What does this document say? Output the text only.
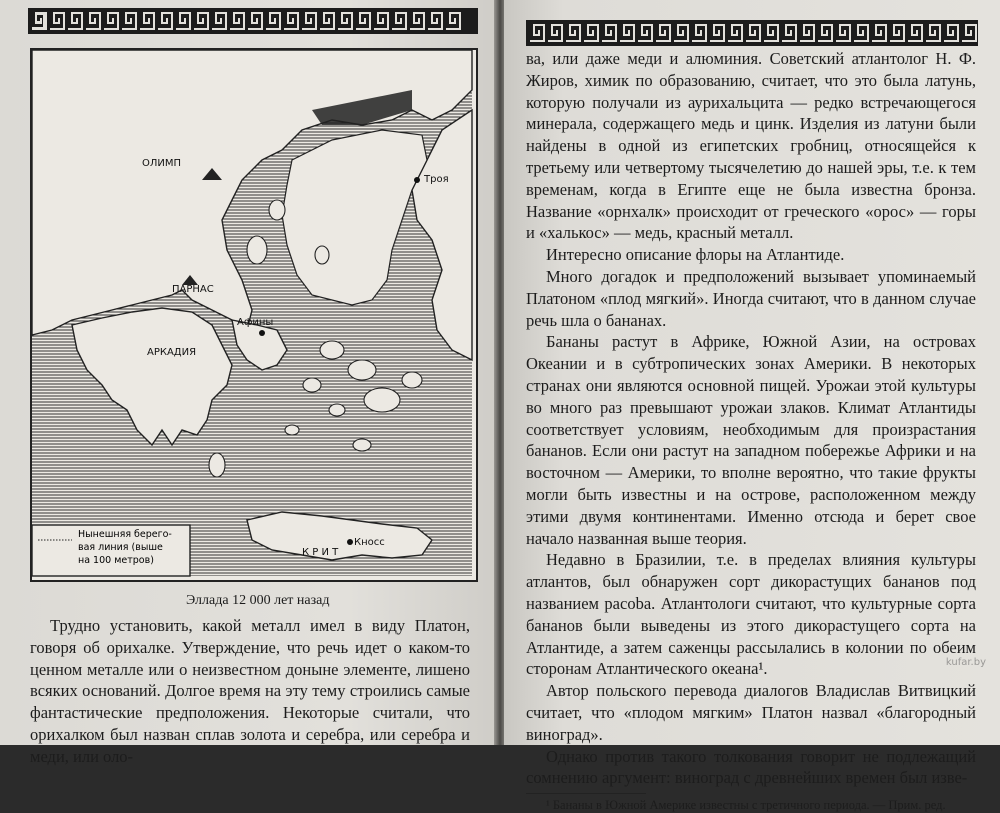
ОЛИМП
Троя
ПАРНАС
Афины
АРКАДИЯ
Кносс
К Р И Т
Нынешняя берего-
вая линия (выше
на 100 метров)
Эллада 12 000 лет назад

Трудно установить, какой металл имел в виду Платон, говоря об орихалке. Утверждение, что речь идет о каком-то ценном металле или о неизвестном донынe элементе, лишено всяких оснований. Долгое время на эту тему строились самые фантастические предположения. Некоторые считали, что орихалком был назван сплав золота и серебра, или серебра и меди, или оло-

ва, или даже меди и алюминия. Советский атлантолог Н. Ф. Жиров, химик по образованию, считает, что это была латунь, которую получали из аурихальцита — редко встречающегося минерала, содержащего медь и цинк. Изделия из латуни были найдены в одной из египетских гробниц, относящейся к третьему или четвертому тысячелетию до нашей эры, т.е. к тем временам, когда в Египте еще не была известна бронза. Название «орнхалк» происходит от греческого «орос» — горы и «халькос» — медь, красный металл.

Интересно описание флоры на Атлантиде.

Много догадок и предположений вызывает упоминаемый Платоном «плод мягкий». Иногда считают, что в данном случае речь шла о бананах.

Бананы растут в Африке, Южной Азии, на островах Океании и в субтропических зонах Америки. В некоторых странах они являются основной пищей. Урожаи этой культуры во много раз превышают урожаи злаков. Климат Атлантиды соответствует условиям, необходимым для произрастания бананов. Если они растут на западном побережье Африки и на восточном — Америки, то вполне вероятно, что такие фрукты могли быть известны и на острове, расположенном между этими двумя континентами. Именно отсюда и берет свое начало названная выше теория.

Недавно в Бразилии, т.е. в пределах влияния культуры атлантов, был обнаружен сорт дикорастущих бананов под названием pacoba. Атлантологи считают, что культурные сорта бананов были выведены из этого дикорастущего сорта на Атлантиде, а затем саженцы рассылались в колонии по обеим сторонам Атлантического океана¹.

Автор польского перевода диалогов Владислав Витвицкий считает, что «плодом мягким» Платон назвал «благородный виноград».

Однако против такого толкования говорит не подлежащий сомнению аргумент: виноград с древнейших времен был изве-

¹ Бананы в Южной Америке известны с третичного периода. — Прим. ред.

kufar.by
